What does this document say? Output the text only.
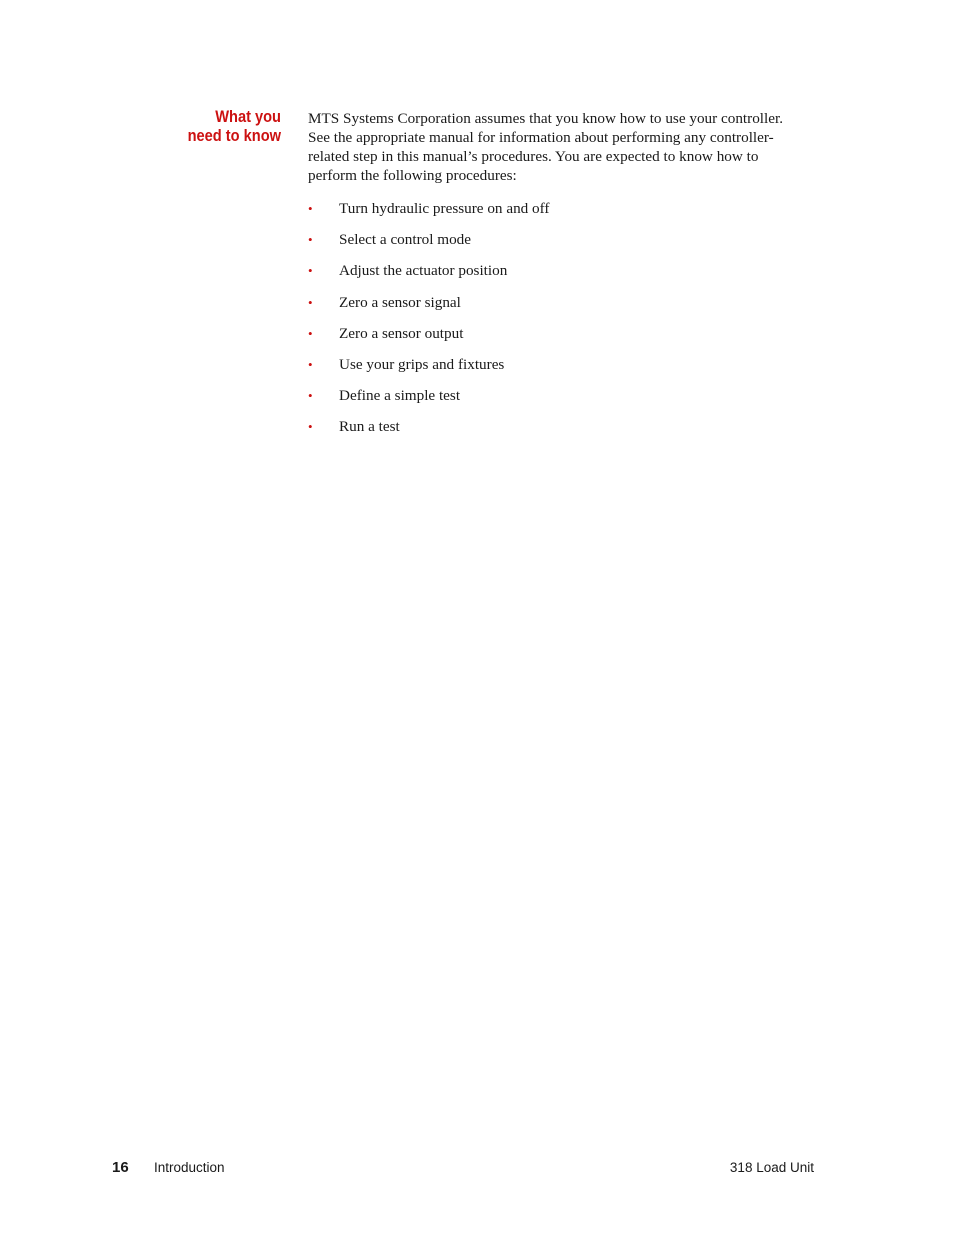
What you
need to know
MTS Systems Corporation assumes that you know how to use your controller.
See the appropriate manual for information about performing any controller-
related step in this manual’s procedures. You are expected to know how to
perform the following procedures:
• Turn hydraulic pressure on and off
• Select a control mode
• Adjust the actuator position
• Zero a sensor signal
• Zero a sensor output
• Use your grips and fixtures
• Define a simple test
• Run a test
16 Introduction	318 Load Unit
